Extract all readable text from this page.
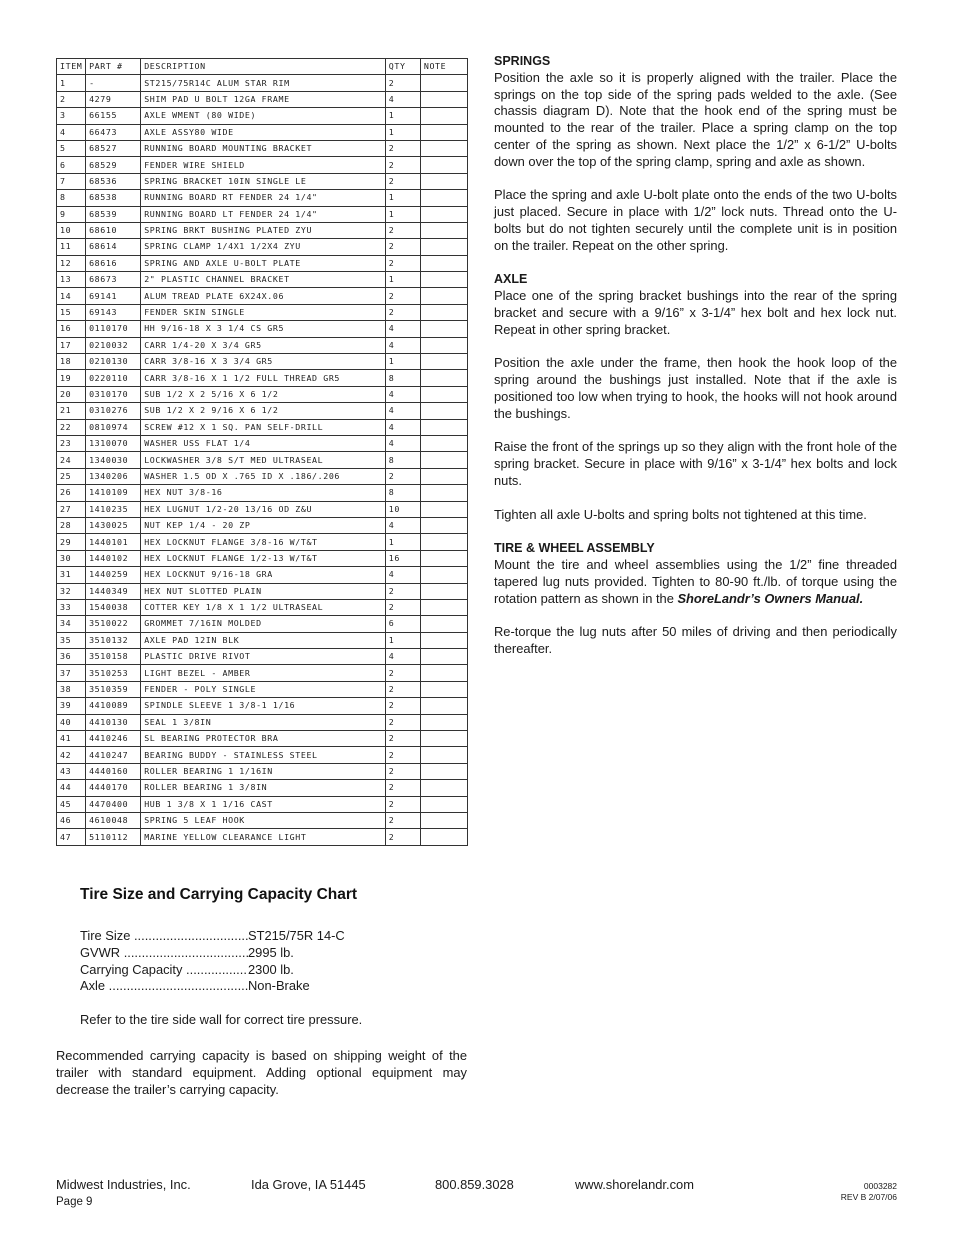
ITEM	PART #	DESCRIPTION	QTY	NOTE
1	-	ST215/75R14C ALUM STAR RIM	2	
2	4279	SHIM PAD U BOLT 12GA FRAME	4	
3	66155	AXLE WMENT (80 WIDE)	1	
4	66473	AXLE ASSY80 WIDE	1	
5	68527	RUNNING BOARD MOUNTING BRACKET	2	
6	68529	FENDER WIRE SHIELD	2	
7	68536	SPRING BRACKET 10IN SINGLE LE	2	
8	68538	RUNNING BOARD RT FENDER 24 1/4"	1	
9	68539	RUNNING BOARD LT FENDER 24 1/4"	1	
10	68610	SPRING BRKT BUSHING PLATED ZYU	2	
11	68614	SPRING CLAMP 1/4X1 1/2X4 ZYU	2	
12	68616	SPRING AND AXLE U-BOLT PLATE	2	
13	68673	2" PLASTIC CHANNEL BRACKET	1	
14	69141	ALUM TREAD PLATE 6X24X.06	2	
15	69143	FENDER SKIN SINGLE	2	
16	0110170	HH 9/16-18 X 3 1/4 CS GR5	4	
17	0210032	CARR 1/4-20 X 3/4 GR5	4	
18	0210130	CARR 3/8-16 X 3 3/4 GR5	1	
19	0220110	CARR 3/8-16 X 1 1/2 FULL THREAD GR5	8	
20	0310170	SUB 1/2 X 2 5/16 X 6 1/2	4	
21	0310276	SUB 1/2 X 2 9/16 X 6 1/2	4	
22	0810974	SCREW #12 X 1 SQ. PAN SELF-DRILL	4	
23	1310070	WASHER USS FLAT 1/4	4	
24	1340030	LOCKWASHER 3/8 S/T MED ULTRASEAL	8	
25	1340206	WASHER 1.5 OD X .765 ID X .186/.206	2	
26	1410109	HEX NUT 3/8-16	8	
27	1410235	HEX LUGNUT 1/2-20 13/16 OD Z&U	10	
28	1430025	NUT KEP 1/4 - 20 ZP	4	
29	1440101	HEX LOCKNUT FLANGE 3/8-16 W/T&T	1	
30	1440102	HEX LOCKNUT FLANGE 1/2-13 W/T&T	16	
31	1440259	HEX LOCKNUT 9/16-18 GRA	4	
32	1440349	HEX NUT SLOTTED PLAIN	2	
33	1540038	COTTER KEY 1/8 X 1 1/2 ULTRASEAL	2	
34	3510022	GROMMET 7/16IN MOLDED	6	
35	3510132	AXLE PAD 12IN BLK	1	
36	3510158	PLASTIC DRIVE RIVOT	4	
37	3510253	LIGHT BEZEL - AMBER	2	
38	3510359	FENDER - POLY SINGLE	2	
39	4410089	SPINDLE SLEEVE 1 3/8-1 1/16	2	
40	4410130	SEAL 1 3/8IN	2	
41	4410246	SL BEARING PROTECTOR BRA	2	
42	4410247	BEARING BUDDY - STAINLESS STEEL	2	
43	4440160	ROLLER BEARING 1 1/16IN	2	
44	4440170	ROLLER BEARING 1 3/8IN	2	
45	4470400	HUB 1 3/8 X 1 1/16 CAST	2	
46	4610048	SPRING 5 LEAF HOOK	2	
47	5110112	MARINE YELLOW CLEARANCE LIGHT	2	
SPRINGS

Position the axle so it is properly aligned with the trailer. Place the springs on the top side of the spring pads welded to the axle. (See chassis diagram D). Note that the hook end of the spring must be mounted to the rear of the trailer. Place a spring clamp on the top center of the spring as shown. Next place the 1/2” x 6-1/2” U-bolts down over the top of the spring clamp, spring and axle as shown.

Place the spring and axle U-bolt plate onto the ends of the two U-bolts just placed. Secure in place with 1/2” lock nuts. Thread onto the U-bolts but do not tighten securely until the complete unit is in position on the trailer. Repeat on the other spring.

AXLE

Place one of the spring bracket bushings into the rear of the spring bracket and secure with a 9/16” x 3-1/4” hex bolt and hex lock nut. Repeat in other spring bracket.

Position the axle under the frame, then hook the hook loop of the spring around the bushings just installed. Note that if the axle is positioned too low when trying to hook, the hooks will not hook around the bushings.

Raise the front of the springs up so they align with the front hole of the spring bracket. Secure in place with 9/16” x 3-1/4” hex bolts and lock nuts.

Tighten all axle U-bolts and spring bolts not tightened at this time.

TIRE & WHEEL ASSEMBLY

Mount the tire and wheel assemblies using the 1/2” fine threaded tapered lug nuts provided. Tighten to 80-90 ft./lb. of torque using the rotation pattern as shown in the ShoreLandr’s Owners Manual.

Re-torque the lug nuts after 50 miles of driving and then periodically thereafter.

Tire Size and Carrying Capacity Chart
Tire Size .....	ST215/75R 14-C
GVWR .....	2995 lb.
Carrying Capacity .....	2300 lb.
Axle .....	Non-Brake

Refer to the tire side wall for correct tire pressure.

Recommended carrying capacity is based on shipping weight of the trailer with standard equipment. Adding optional equipment may decrease the trailer’s carrying capacity.

Midwest Industries, Inc.	Ida Grove, IA 51445	800.859.3028	www.shorelandr.com
Page 9
0003282
REV B 2/07/06
